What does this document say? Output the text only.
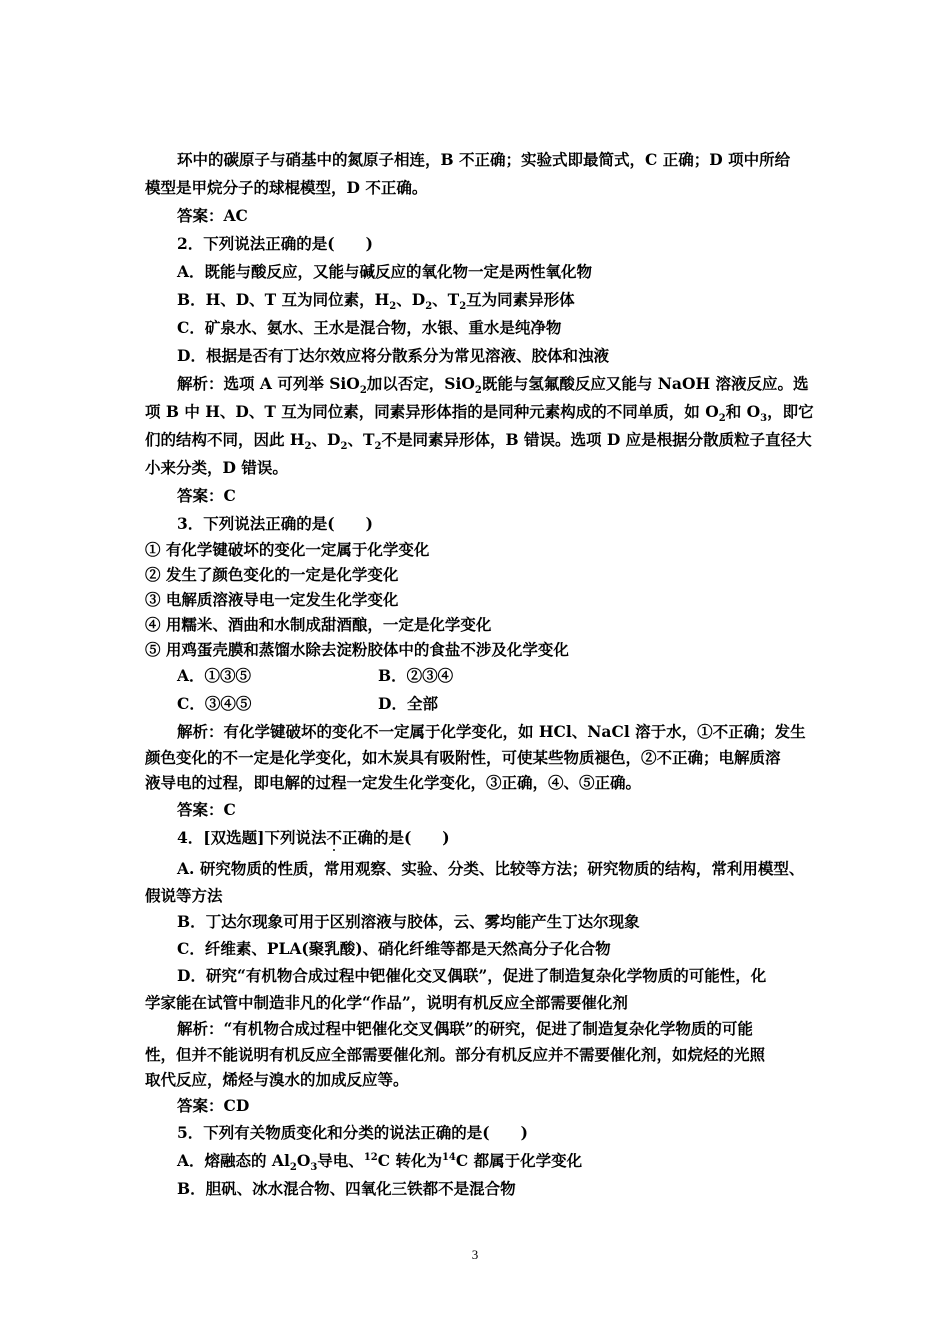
环中的碳原子与硝基中的氮原子相连，B 不正确；实验式即最简式，C 正确；D 项中所给
模型是甲烷分子的球棍模型，D 不正确。
答案：AC
2．下列说法正确的是(　　)
A．既能与酸反应，又能与碱反应的氧化物一定是两性氧化物
B．H、D、T 互为同位素，$H_2$、$D_2$、$T_2$互为同素异形体
C．矿泉水、氨水、王水是混合物，水银、重水是纯净物
D．根据是否有丁达尔效应将分散系分为常见溶液、胶体和浊液
解析：选项 A 可列举 SiO$_2$加以否定，SiO$_2$既能与氢氟酸反应又能与 NaOH 溶液反应。选
项 B 中 H、D、T 互为同位素，同素异形体指的是同种元素构成的不同单质，如 $O_2$和 $O_3$，即它
们的结构不同，因此 $H_2$、$D_2$、$T_2$不是同素异形体，B 错误。选项 D 应是根据分散质粒子直径大
小来分类，D 错误。
答案：C
3．下列说法正确的是(　　)
① 有化学键破坏的变化一定属于化学变化
② 发生了颜色变化的一定是化学变化
③ 电解质溶液导电一定发生化学变化
④ 用糯米、酒曲和水制成甜酒酿，一定是化学变化
⑤ 用鸡蛋壳膜和蒸馏水除去淀粉胶体中的食盐不涉及化学变化
A．①③⑤	B．②③④
C．③④⑤	D．全部
解析：有化学键破坏的变化不一定属于化学变化，如 HCl、NaCl 溶于水，①不正确；发生
颜色变化的不一定是化学变化，如木炭具有吸附性，可使某些物质褪色，②不正确；电解质溶
液导电的过程，即电解的过程一定发生化学变化，③正确，④、⑤正确。
答案：C
4．[双选题]下列说法不正确的是(　　)
A. 研究物质的性质，常用观察、实验、分类、比较等方法；研究物质的结构，常利用模型、
假说等方法
B．丁达尔现象可用于区别溶液与胶体，云、雾均能产生丁达尔现象
C．纤维素、PLA(聚乳酸)、硝化纤维等都是天然高分子化合物
D．研究“有机物合成过程中钯催化交叉偶联”，促进了制造复杂化学物质的可能性，化
学家能在试管中制造非凡的化学“作品”，说明有机反应全部需要催化剂
解析：“有机物合成过程中钯催化交叉偶联”的研究，促进了制造复杂化学物质的可能
性，但并不能说明有机反应全部需要催化剂。部分有机反应并不需要催化剂，如烷烃的光照
取代反应，烯烃与溴水的加成反应等。
答案：CD
5．下列有关物质变化和分类的说法正确的是(　　)
A．熔融态的 $Al_2O_3$导电、$^{12}$C 转化为$^{14}$C 都属于化学变化
B．胆矾、冰水混合物、四氧化三铁都不是混合物
3
